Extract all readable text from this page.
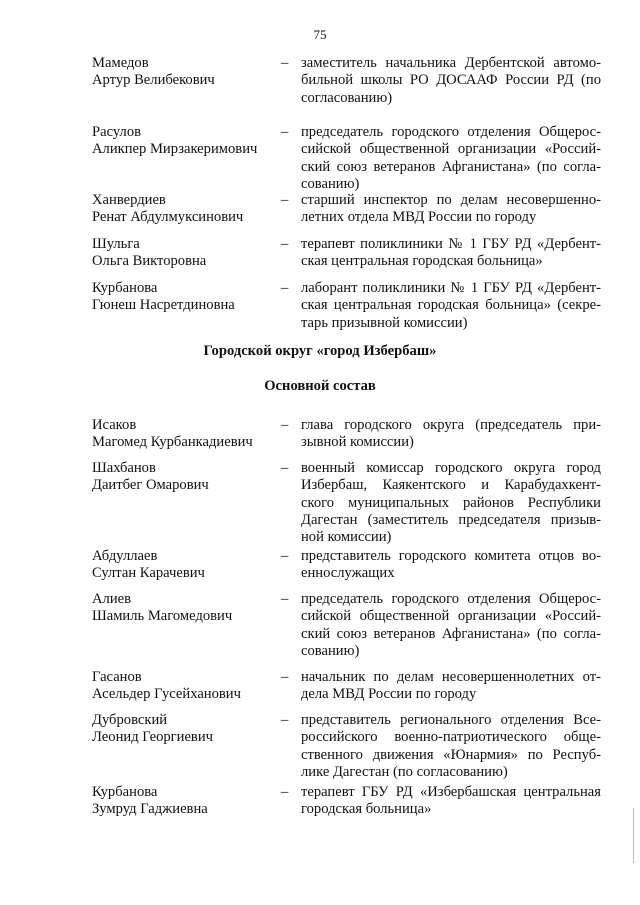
75
Мамедов
Артур Велибекович
– заместитель начальника Дербентской автомо-
бильной школы РО ДОСААФ России РД (по
согласованию)
Расулов
Аликпер Мирзакеримович
– председатель городского отделения Общерос-
сийской общественной организации «Россий-
ский союз ветеранов Афганистана» (по согла-
сованию)
Ханвердиев
Ренат Абдулмуксинович
– старший инспектор по делам несовершенно-
летних отдела МВД России по городу
Шульга
Ольга Викторовна
– терапевт поликлиники № 1 ГБУ РД «Дербент-
ская центральная городская больница»
Курбанова
Гюнеш Насретдиновна
– лаборант поликлиники № 1 ГБУ РД «Дербент-
ская центральная городская больница» (секре-
тарь призывной комиссии)
Городской округ «город Избербаш»
Основной состав
Исаков
Магомед Курбанкадиевич
– глава городского округа (председатель при-
зывной комиссии)
Шахбанов
Даитбег Омарович
– военный комиссар городского округа город
Избербаш, Каякентского и Карабудахкент-
ского муниципальных районов Республики
Дагестан (заместитель председателя призыв-
ной комиссии)
Абдуллаев
Султан Карачевич
– представитель городского комитета отцов во-
еннослужащих
Алиев
Шамиль Магомедович
– председатель городского отделения Общерос-
сийской общественной организации «Россий-
ский союз ветеранов Афганистана» (по согла-
сованию)
Гасанов
Асельдер Гусейханович
– начальник по делам несовершеннолетних от-
дела МВД России по городу
Дубровский
Леонид Георгиевич
– представитель регионального отделения Все-
российского военно-патриотического обще-
ственного движения «Юнармия» по Респуб-
лике Дагестан (по согласованию)
Курбанова
Зумруд Гаджиевна
– терапевт ГБУ РД «Избербашская центральная
городская больница»
